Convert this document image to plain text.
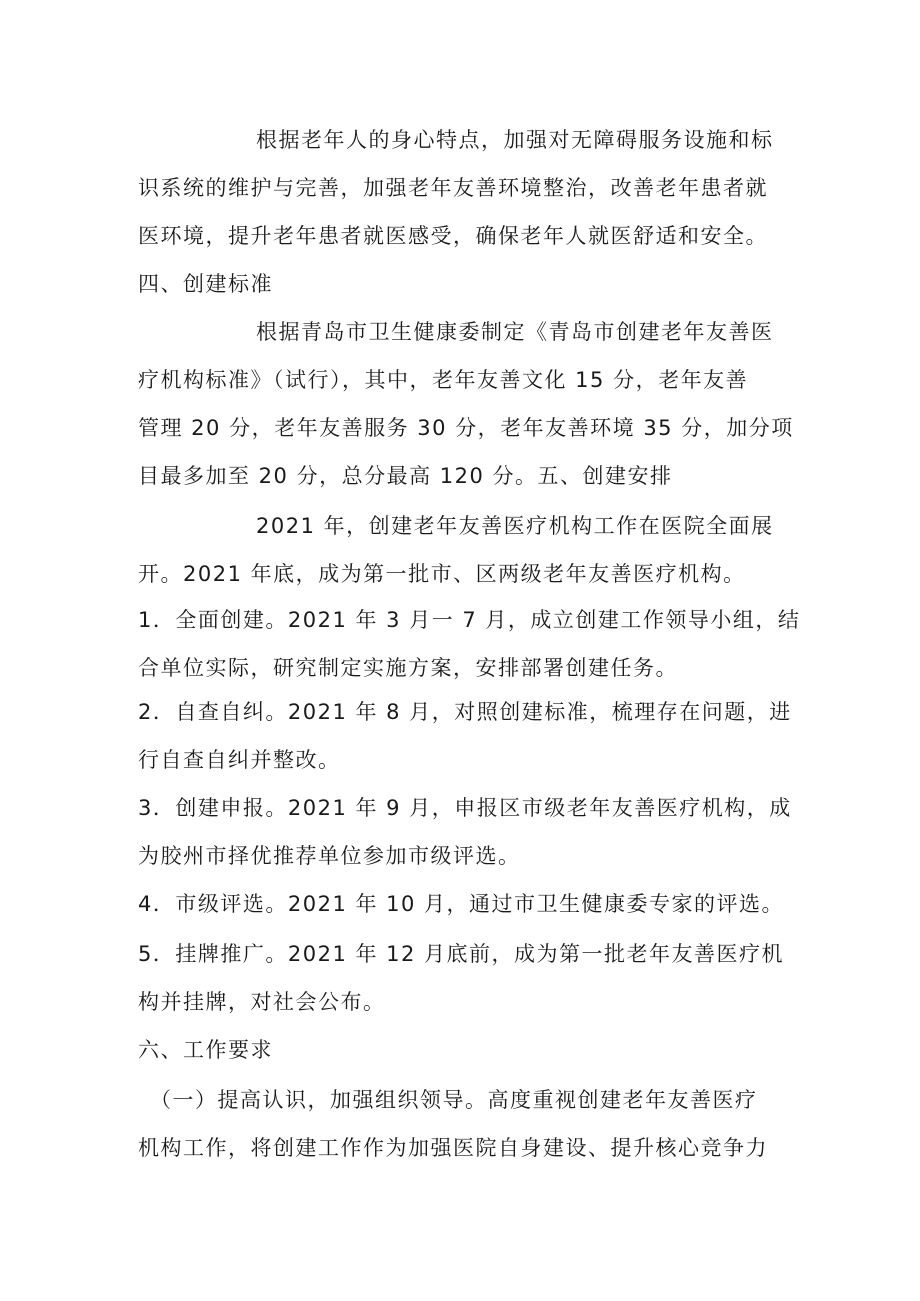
根据老年人的身心特点，加强对无障碍服务设施和标
识系统的维护与完善，加强老年友善环境整治，改善老年患者就
医环境，提升老年患者就医感受，确保老年人就医舒适和安全。
四、创建标准
根据青岛市卫生健康委制定《青岛市创建老年友善医
疗机构标准》（试行），其中，老年友善文化 15 分，老年友善
管理 20 分，老年友善服务 30 分，老年友善环境 35 分，加分项
目最多加至 20 分，总分最高 120 分。五、创建安排
2021 年，创建老年友善医疗机构工作在医院全面展
开。2021 年底，成为第一批市、区两级老年友善医疗机构。
1．全面创建。2021 年 3 月一 7 月，成立创建工作领导小组，结
合单位实际，研究制定实施方案，安排部署创建任务。
2．自查自纠。2021 年 8 月，对照创建标准，梳理存在问题，进
行自查自纠并整改。
3．创建申报。2021 年 9 月，申报区市级老年友善医疗机构，成
为胶州市择优推荐单位参加市级评选。
4．市级评选。2021 年 10 月，通过市卫生健康委专家的评选。
5．挂牌推广。2021 年 12 月底前，成为第一批老年友善医疗机
构并挂牌，对社会公布。
六、工作要求
（一）提高认识，加强组织领导。高度重视创建老年友善医疗
机构工作，将创建工作作为加强医院自身建设、提升核心竞争力
